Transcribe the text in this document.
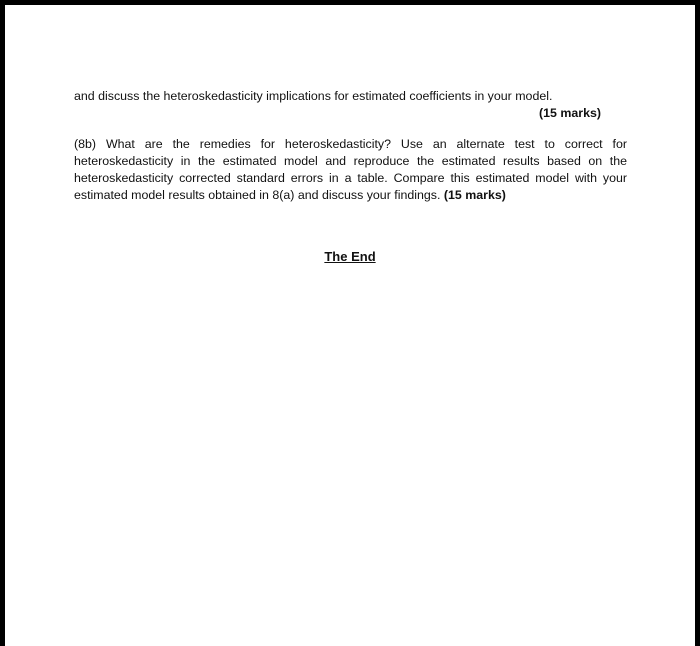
and discuss the heteroskedasticity implications for estimated coefficients in your model.

(15 marks)

(8b) What are the remedies for heteroskedasticity? Use an alternate test to correct for heteroskedasticity in the estimated model and reproduce the estimated results based on the heteroskedasticity corrected standard errors in a table. Compare this estimated model with your estimated model results obtained in 8(a) and discuss your findings. (15 marks)

The End
